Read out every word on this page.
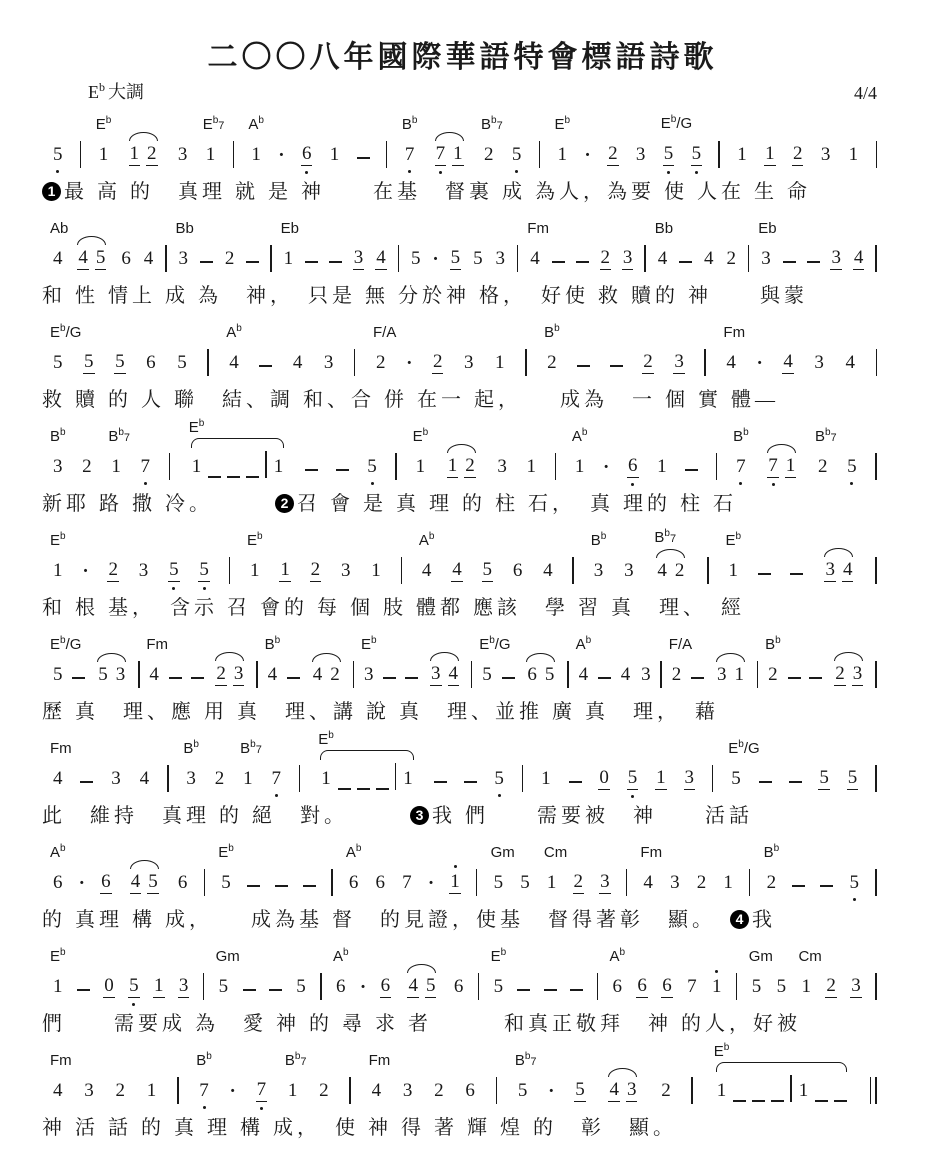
二〇〇八年國際華語特會標語詩歌
$E^b$ 大調	4/4
5 1
$E^b$
1 2 3 1
$E^b7$
1
$A^b$
· 6 1	7
$B^b$
7 1 2
$B^b7$
5 1
$E^b$
· 2 3 5
$E^b/G$
5 1 1 2 3 1
1 最 高 的　 真理 就 是 神　　 在基　 督裏 成 為人，為要 使 人在 生 命
4
Ab
4 5 6 4 3
Bb
2	1
Eb
3 4 5 · 5 5 3 4
Fm
2 3 4
Bb
4 2 3
Eb
3 4
和 性 情上 成 為　 神，　 只是 無 分於神 格，　 好使 救 贖的 神　　 與蒙
5
$E^b/G$
5 5 6 5 4
$A^b$
4 3 2
F/A
· 2 3 1 2
$B^b$
2 3 4
Fm
· 4 3 4
救 贖 的 人 聯　 結、調 和、合 併 在一 起，　　 成為　 一 個 實 體—
3
$B^b$
2 1
$B^b7$
7
$E^b$
1	1	5 1
$E^b$
1 2 3 1 1
$A^b$
· 6 1	7
$B^b$
7 1 2
$B^b7$
5
新耶 路 撒 冷。　　　	2 召 會 是 真 理 的 柱 石，　 真 理的 柱 石
1
$E^b$
· 2 3 5 5 1
$E^b$
1 2 3 1 4
$A^b$
4 5 6 4 3
$B^b$
3
$B^b7$
4 2 1
$E^b$
3 4
和 根 基，　 含示 召 會的 每 個 肢 體都 應該　 學 習 真　 理、　 經
5
$E^b/G$
5 3 4
Fm
2 3 4
$B^b$
4 2 3
$E^b$
3 4 5
$E^b/G$
6 5 4
$A^b$
4 3 2
F/A
3 1 2
$B^b$
2 3
歷 真　 理、應 用 真　 理、講 說 真　 理、並推 廣 真　 理，　 藉
4
Fm
3 4 3
$B^b$
2 1
$B^b7$
7
$E^b$
1	1	5 1	0 5 1 3 5
$E^b/G$
5 5
此　 維持　 真理 的 絕　 對。　　　	3 我 們　　 需要被　 神　　 活話
6
$A^b$
· 6 4 5 6 5
$E^b$
6
$A^b$
6 7 · 1 5
Gm
5 1
Cm
2 3 4
Fm
3 2 1 2
$B^b$
5
的 真理 構 成，　　 成為基 督　 的見證，使基　 督得著彰　 顯。　 4 我
1
$E^b$
0 5 1 3 5
Gm
5 6
$A^b$
· 6 4 5 6 5
$E^b$
6
$A^b$
6 6 7 1 5
Gm
5 1
Cm
2 3
們　　 需要成 為　 愛 神 的 尋 求 者　　　	和真正敬拜　 神 的人，好被
4
Fm
3 2 1 7
$B^b$
· 7 1
$B^b7$
2 4
Fm
3 2 6 5
$B^b7$
· 5 4 3 2
$E^b$
1	1
神 活 話 的 真 理 構 成，　 使 神 得 著 輝 煌 的　 彰　 顯。
